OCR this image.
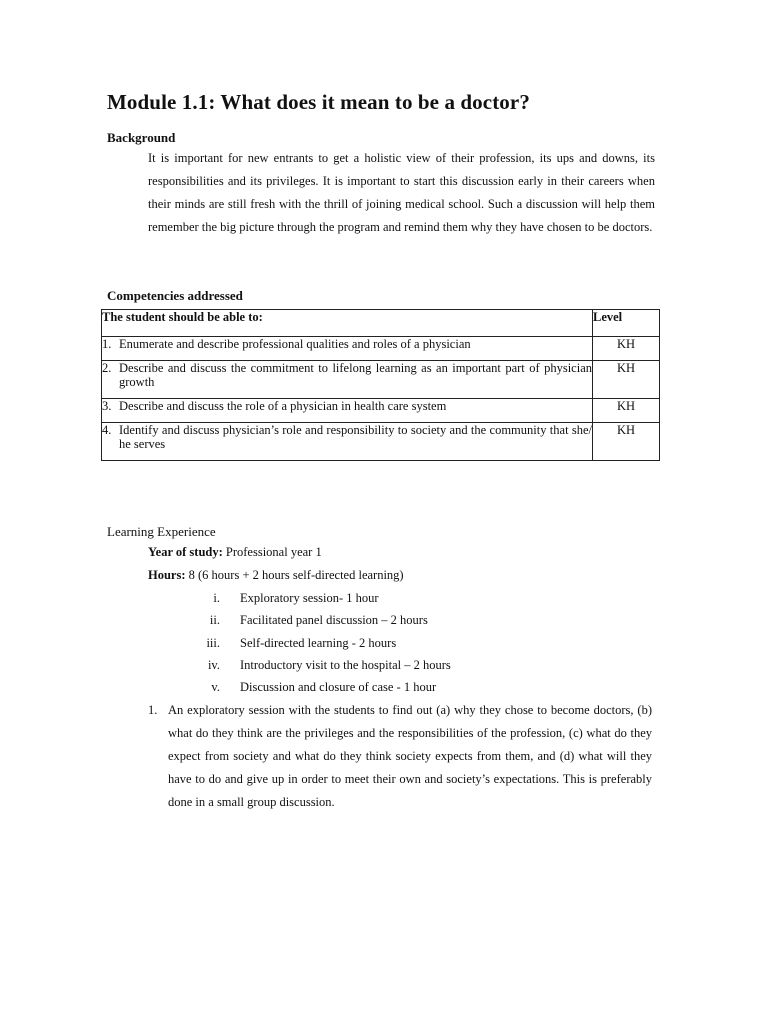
Module 1.1: What does it mean to be a doctor?
Background

It is important for new entrants to get a holistic view of their profession, its ups and downs, its responsibilities and its privileges. It is important to start this discussion early in their careers when their minds are still fresh with the thrill of joining medical school. Such a discussion will help them remember the big picture through the program and remind them why they have chosen to be doctors.

Competencies addressed
The student should be able to:	Level

1. Enumerate and describe professional qualities and roles of a physician	KH

2. Describe and discuss the commitment to lifelong learning as an important part of physician growth	KH

3. Describe and discuss the role of a physician in health care system	KH

4. Identify and discuss physician’s role and responsibility to society and the community that she/ he serves	KH
Learning Experience

Year of study: Professional year 1

Hours: 8 (6 hours + 2 hours self-directed learning)

i. Exploratory session- 1 hour
ii. Facilitated panel discussion – 2 hours
iii. Self-directed learning - 2 hours
iv. Introductory visit to the hospital – 2 hours
v. Discussion and closure of case - 1 hour
1. An exploratory session with the students to find out (a) why they chose to become doctors, (b) what do they think are the privileges and the responsibilities of the profession, (c) what do they expect from society and what do they think society expects from them, and (d) what will they have to do and give up in order to meet their own and society’s expectations. This is preferably done in a small group discussion.
